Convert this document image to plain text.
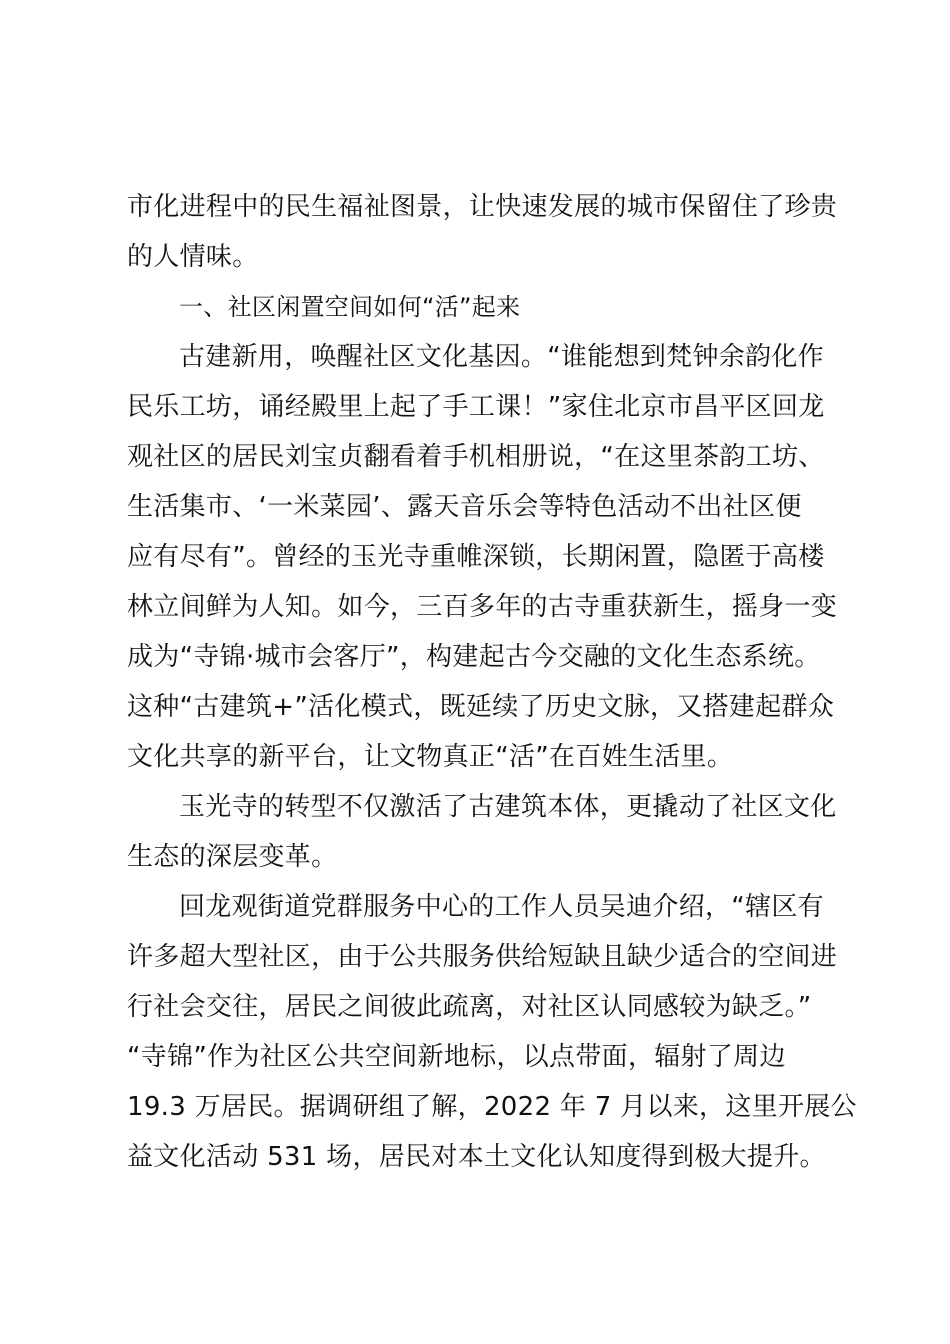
市化进程中的民生福祉图景，让快速发展的城市保留住了珍贵
的人情味。
一、社区闲置空间如何“活”起来
古建新用，唤醒社区文化基因。“谁能想到梵钟余韵化作
民乐工坊，诵经殿里上起了手工课！”家住北京市昌平区回龙
观社区的居民刘宝贞翻看着手机相册说，“在这里茶韵工坊、
生活集市、‘一米菜园’、露天音乐会等特色活动不出社区便
应有尽有”。曾经的玉光寺重帷深锁，长期闲置，隐匿于高楼
林立间鲜为人知。如今，三百多年的古寺重获新生，摇身一变
成为“寺锦·城市会客厅”，构建起古今交融的文化生态系统。
这种“古建筑+”活化模式，既延续了历史文脉，又搭建起群众
文化共享的新平台，让文物真正“活”在百姓生活里。
玉光寺的转型不仅激活了古建筑本体，更撬动了社区文化
生态的深层变革。
回龙观街道党群服务中心的工作人员吴迪介绍，“辖区有
许多超大型社区，由于公共服务供给短缺且缺少适合的空间进
行社会交往，居民之间彼此疏离，对社区认同感较为缺乏。”
“寺锦”作为社区公共空间新地标，以点带面，辐射了周边
19.3 万居民。据调研组了解，2022 年 7 月以来，这里开展公
益文化活动 531 场，居民对本土文化认知度得到极大提升。
